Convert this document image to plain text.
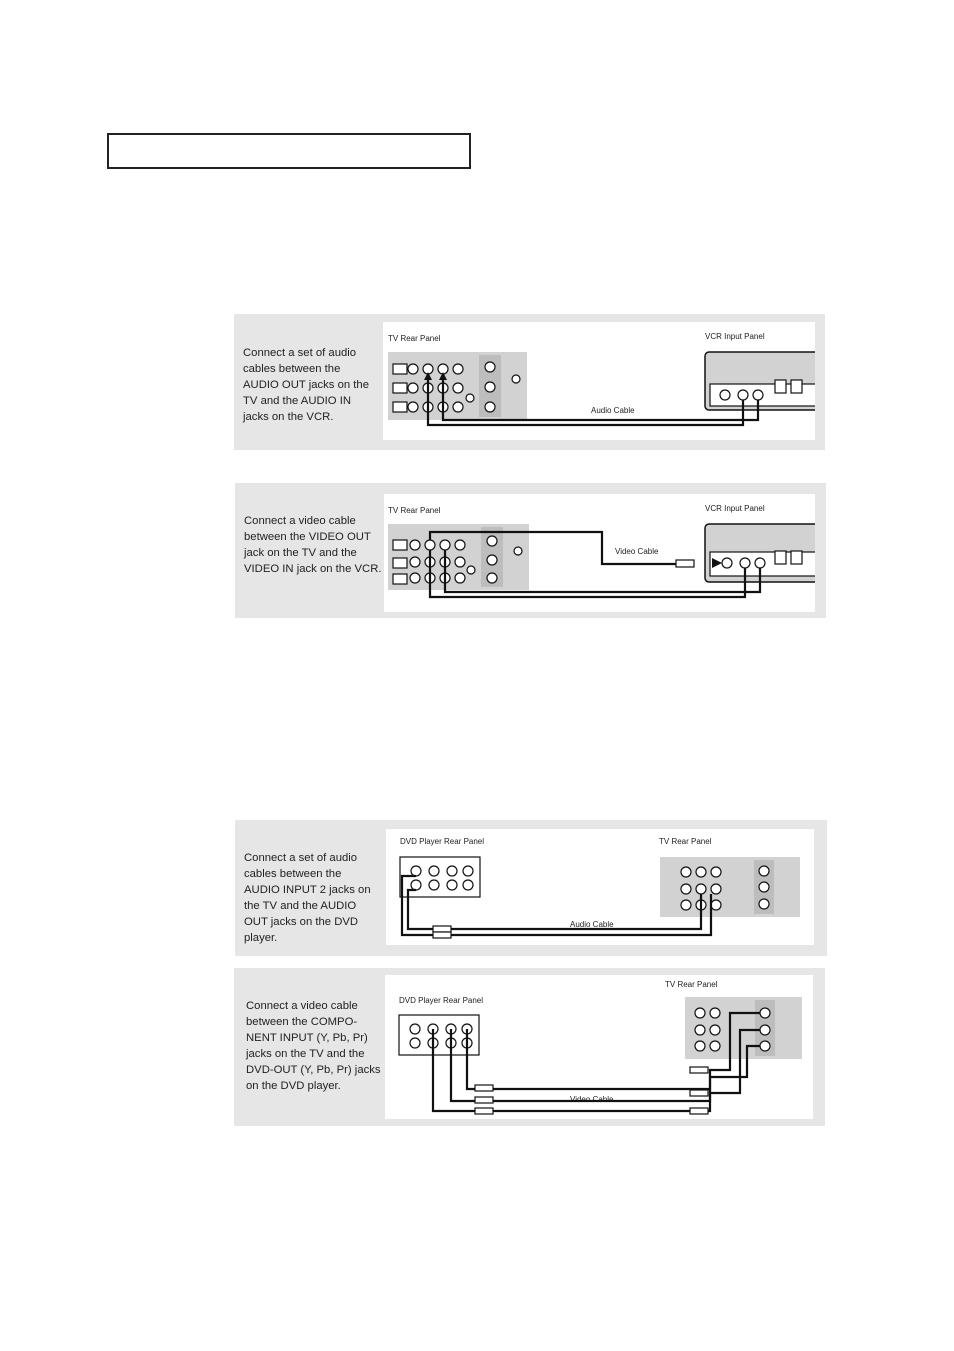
Connect a set of audio
cables between the
AUDIO OUT jacks on the
TV and the AUDIO IN
jacks on the VCR.
TV Rear Panel	VCR Input Panel
Audio Cable
Connect a video cable
between the VIDEO OUT
jack on the TV and the
VIDEO IN jack on the VCR.
TV Rear Panel	VCR Input Panel
Video Cable
Connect a set of audio
cables between the
AUDIO INPUT 2 jacks on
the TV and the AUDIO
OUT jacks on the DVD
player.
DVD Player Rear Panel	TV Rear Panel
Audio Cable
Connect a video cable
between the COMPO-
NENT INPUT (Y, Pb, Pr)
jacks on the TV and the
DVD-OUT (Y, Pb, Pr) jacks
on the DVD player.
DVD Player Rear Panel
TV Rear Panel
Video Cable
